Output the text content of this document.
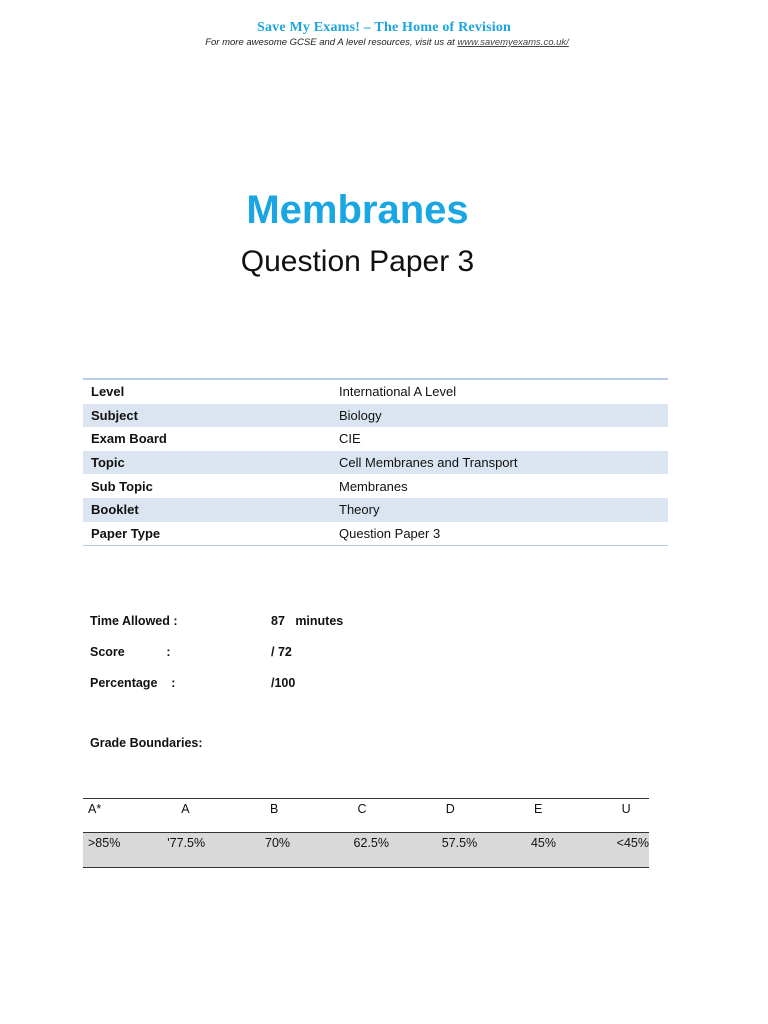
Save My Exams! – The Home of Revision
For more awesome GCSE and A level resources, visit us at www.savemyexams.co.uk/
Membranes
Question Paper 3
Level	International A Level
Subject	Biology
Exam Board	CIE
Topic	Cell Membranes and Transport
Sub Topic	Membranes
Booklet	Theory
Paper Type	Question Paper 3
Time Allowed :	87   minutes
Score            :	/ 72
Percentage    :	/100
Grade Boundaries:
A*	A	B	C	D	E	U
>85%	'77.5%	70%	62.5%	57.5%	45%	<45%
